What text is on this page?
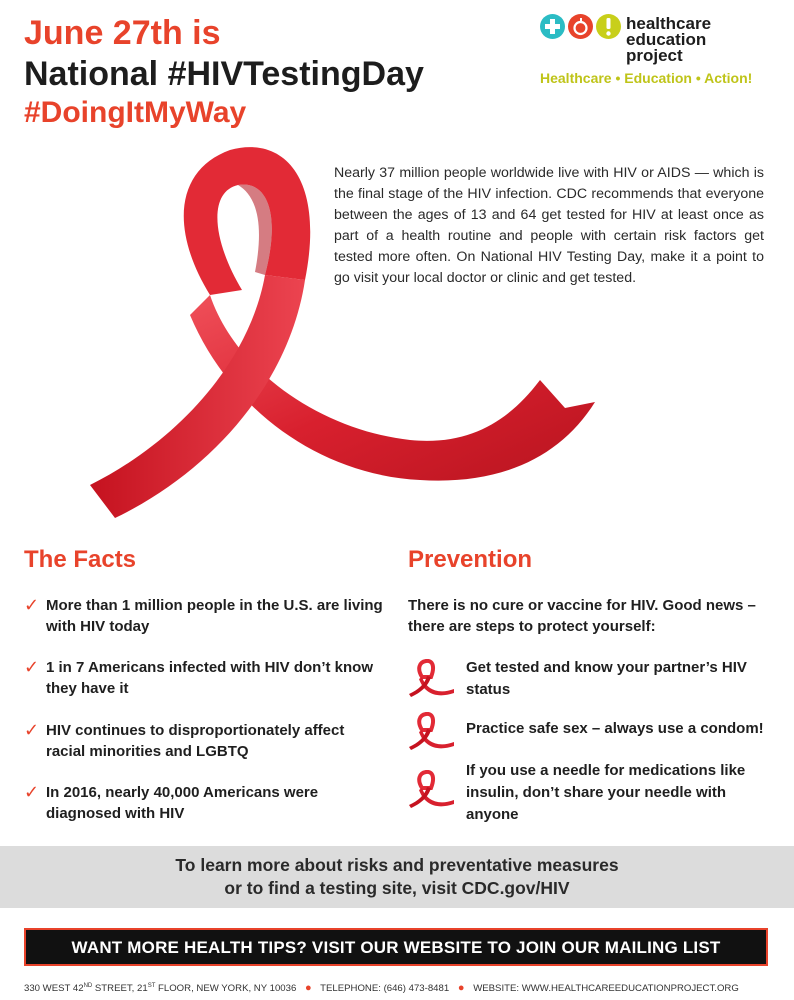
June 27th is
National #HIVTestingDay
#DoingItMyWay
healthcare
education
project
Healthcare • Education • Action!

Nearly 37 million people worldwide live with HIV or AIDS — which is the final stage of the HIV infection. CDC recommends that everyone between the ages of 13 and 64 get tested for HIV at least once as part of a health routine and people with certain risk factors get tested more often. On National HIV Testing Day, make it a point to go visit your local doctor or clinic and get tested.

The Facts
✓ More than 1 million people in the U.S. are living with HIV today
✓ 1 in 7 Americans infected with HIV don’t know they have it
✓ HIV continues to disproportionately affect racial minorities and LGBTQ
✓ In 2016, nearly 40,000 Americans were diagnosed with HIV
Prevention

There is no cure or vaccine for HIV. Good news – there are steps to protect yourself:

Get tested and know your partner’s HIV status
Practice safe sex – always use a condom!
If you use a needle for medications like insulin, don’t share your needle with anyone
To learn more about risks and preventative measures
or to find a testing site, visit CDC.gov/HIV
WANT MORE HEALTH TIPS? VISIT OUR WEBSITE TO JOIN OUR MAILING LIST
330 WEST 42ND STREET, 21ST FLOOR, NEW YORK, NY 10036 ● TELEPHONE: (646) 473-8481 ● WEBSITE: WWW.HEALTHCAREEDUCATIONPROJECT.ORG
